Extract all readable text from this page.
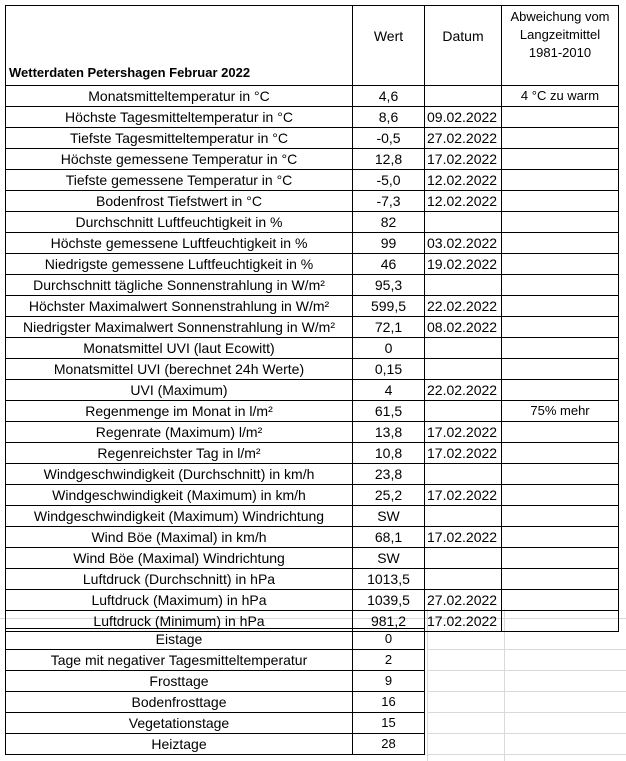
Wetterdaten Petershagen Februar 2022	Wert	Datum	Abweichung vom Langzeitmittel 1981-2010
Monatsmitteltemperatur in °C	4,6		4 °C zu warm
Höchste Tagesmitteltemperatur in °C	8,6	09.02.2022	
Tiefste Tagesmitteltemperatur in °C	-0,5	27.02.2022	
Höchste gemessene Temperatur in °C	12,8	17.02.2022	
Tiefste gemessene Temperatur in °C	-5,0	12.02.2022	
Bodenfrost Tiefstwert in °C	-7,3	12.02.2022	
Durchschnitt Luftfeuchtigkeit in %	82		
Höchste gemessene Luftfeuchtigkeit in %	99	03.02.2022	
Niedrigste gemessene Luftfeuchtigkeit in %	46	19.02.2022	
Durchschnitt tägliche Sonnenstrahlung in W/m²	95,3		
Höchster Maximalwert Sonnenstrahlung in W/m²	599,5	22.02.2022	
Niedrigster Maximalwert Sonnenstrahlung in W/m²	72,1	08.02.2022	
Monatsmittel UVI (laut Ecowitt)	0		
Monatsmittel UVI (berechnet 24h Werte)	0,15		
UVI (Maximum)	4	22.02.2022	
Regenmenge im Monat in l/m²	61,5		75% mehr
Regenrate (Maximum) l/m²	13,8	17.02.2022	
Regenreichster Tag in l/m²	10,8	17.02.2022	
Windgeschwindigkeit (Durchschnitt) in km/h	23,8		
Windgeschwindigkeit (Maximum) in km/h	25,2	17.02.2022	
Windgeschwindigkeit (Maximum) Windrichtung	SW		
Wind Böe (Maximal) in km/h	68,1	17.02.2022	
Wind Böe (Maximal) Windrichtung	SW		
Luftdruck (Durchschnitt) in hPa	1013,5		
Luftdruck (Maximum) in hPa	1039,5	27.02.2022	
Luftdruck (Minimum) in hPa	981,2	17.02.2022	
Eistage	0
Tage mit negativer Tagesmitteltemperatur	2
Frosttage	9
Bodenfrosttage	16
Vegetationstage	15
Heiztage	28
